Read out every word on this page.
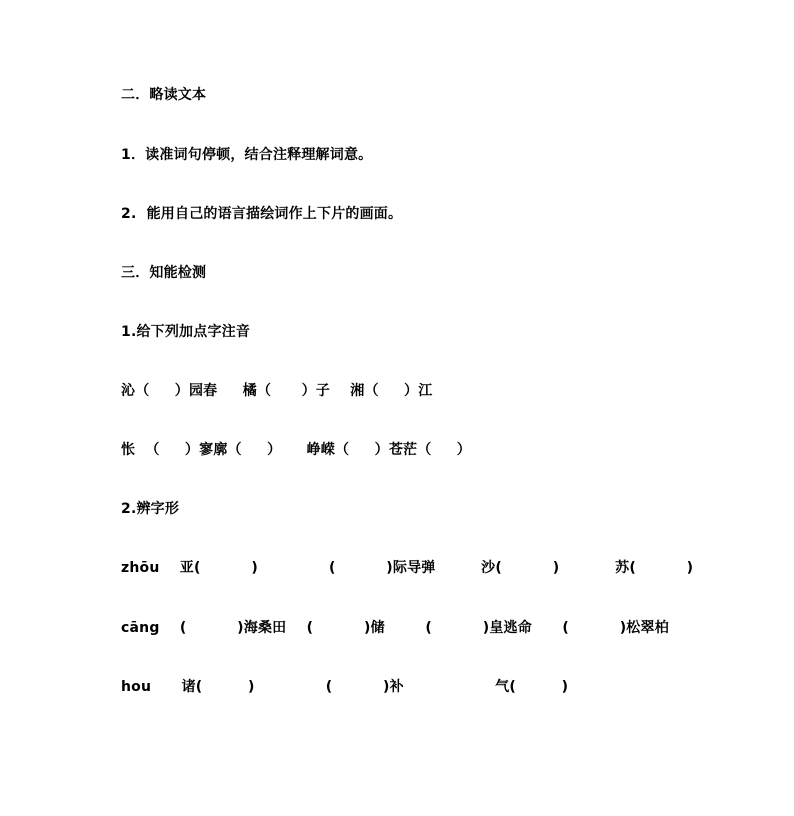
二．略读文本
1．读准词句停顿，结合注释理解词意。
2.  能用自己的语言描绘词作上下片的画面。
三．知能检测
1.给下列加点字注音
沁（     ）园春     橘（      ）子    湘（     ）江
怅  （     ）寥廓（     ）     峥嵘（     ）苍茫（     ）
2.辨字形
zhōu    亚(          )              (          )际导弹         沙(          )           苏(          )
cāng    (          )海桑田    (          )储        (          )皇逃命      (          )松翠柏
hou      诸(         )              (          )补                  气(         )
